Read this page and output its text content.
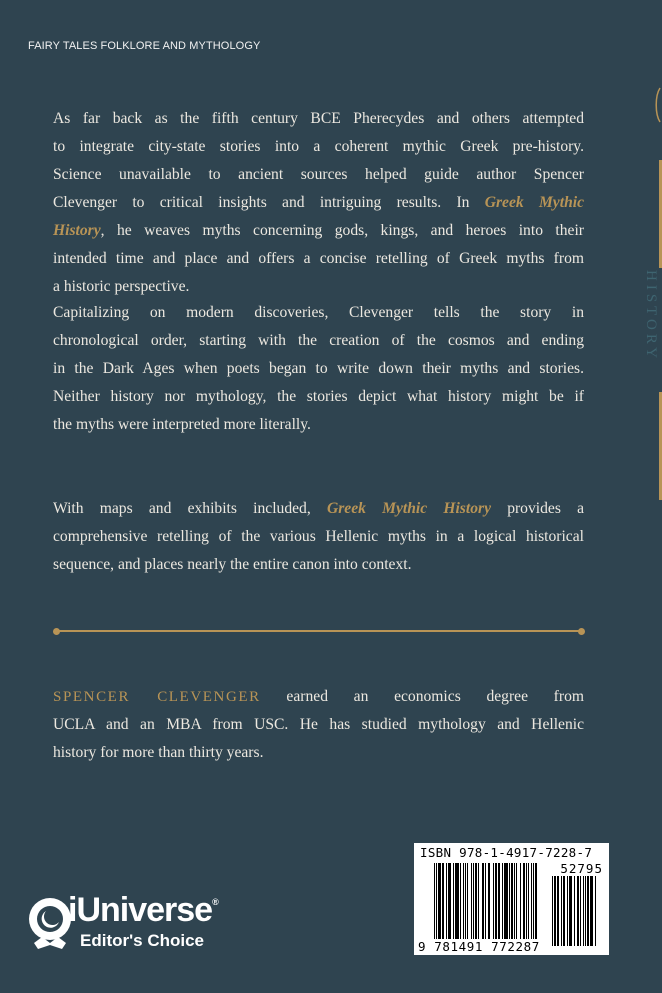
FAIRY TALES FOLKLORE AND MYTHOLOGY
As far back as the fifth century BCE Pherecydes and others attempted
to integrate city-state stories into a coherent mythic Greek pre-history.
Science unavailable to ancient sources helped guide author Spencer
Clevenger to critical insights and intriguing results. In Greek Mythic
History, he weaves myths concerning gods, kings, and heroes into their
intended time and place and offers a concise retelling of Greek myths from
a historic perspective.
Capitalizing on modern discoveries, Clevenger tells the story in
chronological order, starting with the creation of the cosmos and ending
in the Dark Ages when poets began to write down their myths and stories.
Neither history nor mythology, the stories depict what history might be if
the myths were interpreted more literally.
With maps and exhibits included, Greek Mythic History provides a
comprehensive retelling of the various Hellenic myths in a logical historical
sequence, and places nearly the entire canon into context.
SPENCER CLEVENGER earned an economics degree from
UCLA and an MBA from USC. He has studied mythology and Hellenic
history for more than thirty years.
ISBN 978-1-4917-7228-7
52795
9 781491 772287
iUniverse®
Editor's Choice
HISTORY
